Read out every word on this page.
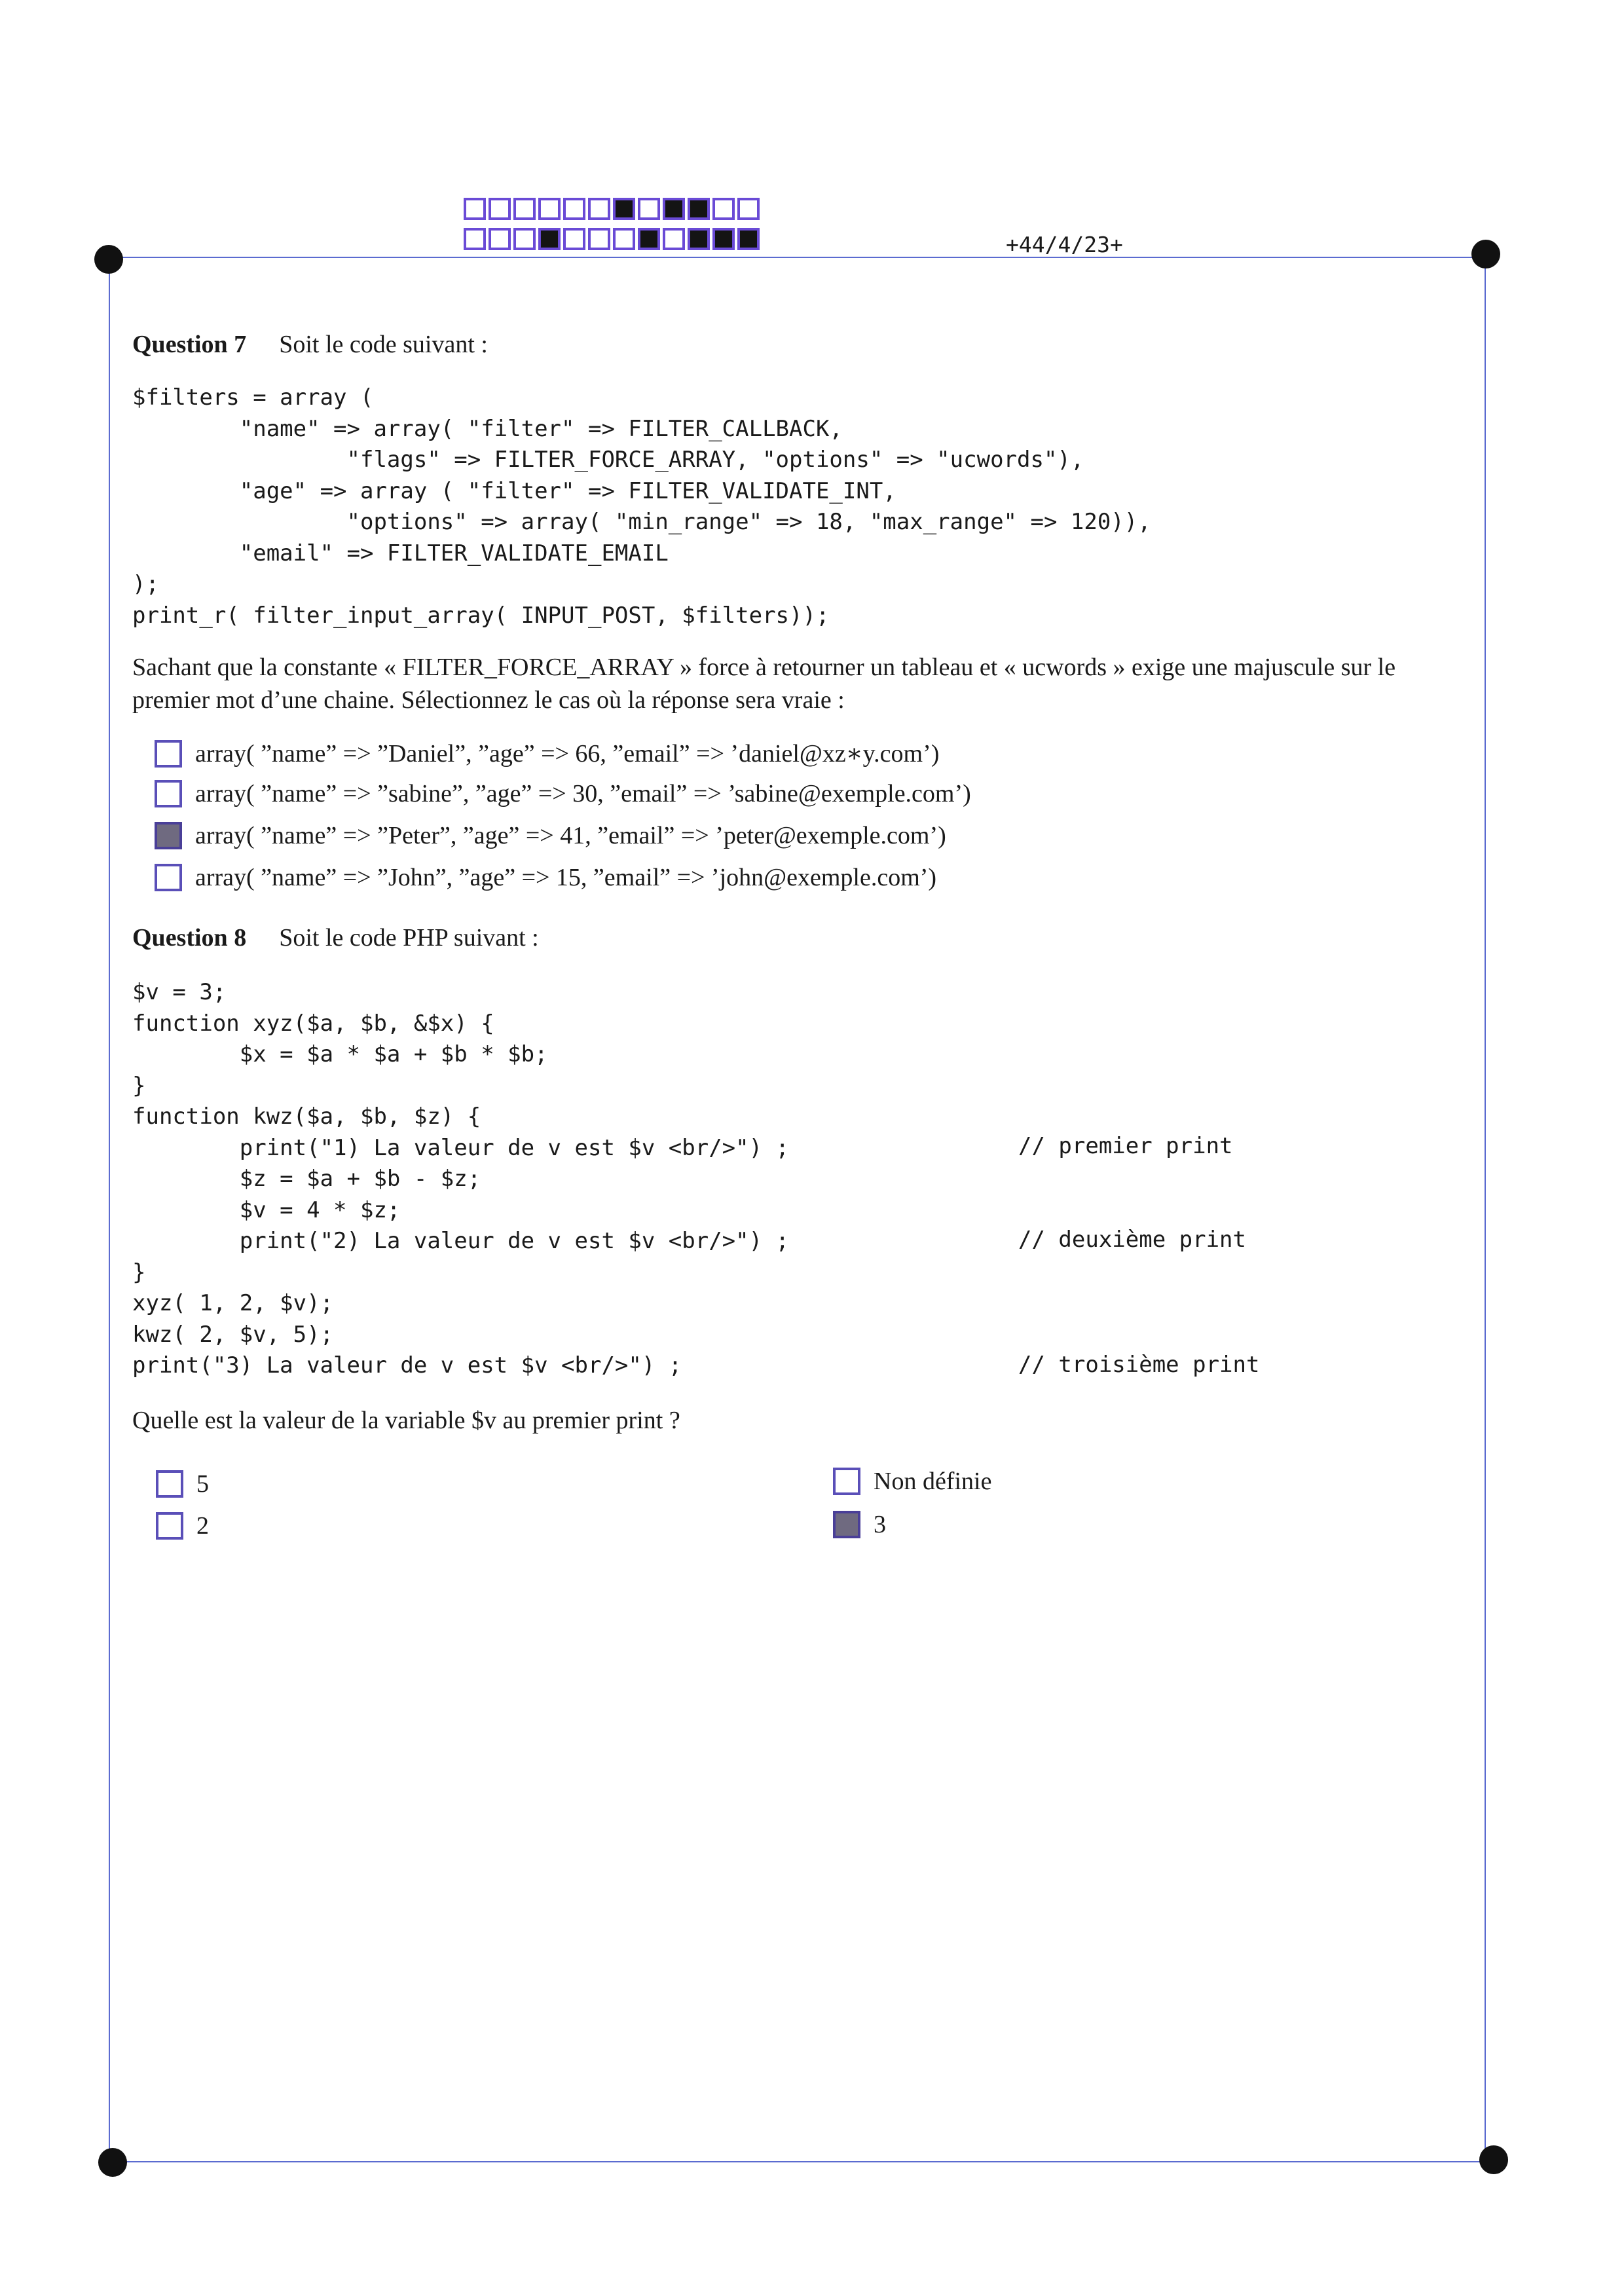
+44/4/23+
Question 7 Soit le code suivant :
$filters = array (
"name" => array( "filter" => FILTER_CALLBACK,
"flags" => FILTER_FORCE_ARRAY, "options" => "ucwords"),
"age" => array ( "filter" => FILTER_VALIDATE_INT,
"options" => array( "min_range" => 18, "max_range" => 120)),
"email" => FILTER_VALIDATE_EMAIL
);
print_r( filter_input_array( INPUT_POST, $filters));
Sachant que la constante « FILTER_FORCE_ARRAY » force à retourner un tableau et « ucwords » exige une majuscule sur le premier mot d’une chaine. Sélectionnez le cas où la réponse sera vraie :
array( ”name” => ”Daniel”, ”age” => 66, ”email” => ’daniel@xz∗y.com’)
array( ”name” => ”sabine”, ”age” => 30, ”email” => ’sabine@exemple.com’)
array( ”name” => ”Peter”, ”age” => 41, ”email” => ’peter@exemple.com’)
array( ”name” => ”John”, ”age” => 15, ”email” => ’john@exemple.com’)
Question 8 Soit le code PHP suivant :
$v = 3;
function xyz($a, $b, &$x) {
$x = $a * $a + $b * $b;
}
function kwz($a, $b, $z) {
print("1) La valeur de v est $v <br/>") ;
$z = $a + $b - $z;
$v = 4 * $z;
print("2) La valeur de v est $v <br/>") ;
}
xyz( 1, 2, $v);
kwz( 2, $v, 5);
print("3) La valeur de v est $v <br/>") ;
// premier print
// deuxième print
// troisième print
Quelle est la valeur de la variable $v au premier print ?
5
2
Non définie
3
